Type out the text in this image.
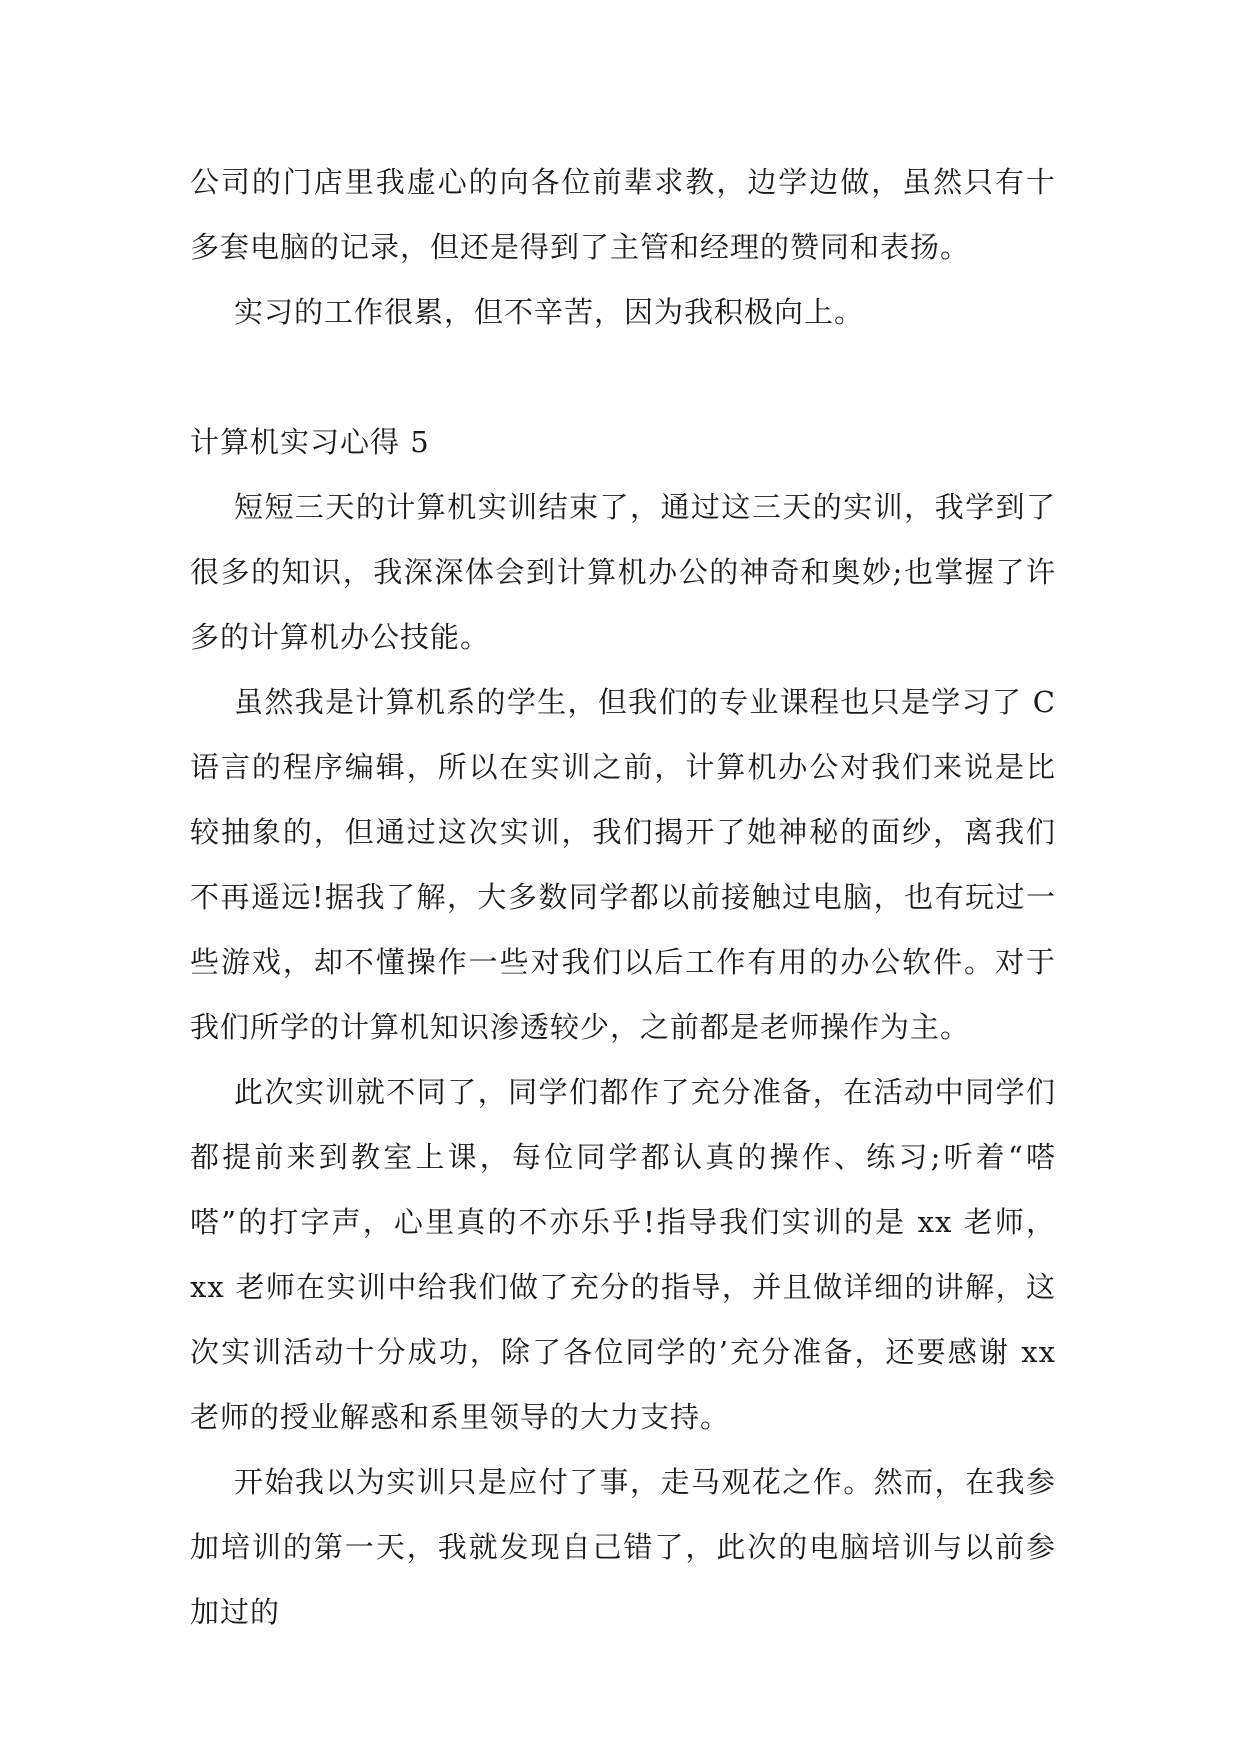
公司的门店里我虚心的向各位前辈求教，边学边做，虽然只有十多套电脑的记录，但还是得到了主管和经理的赞同和表扬。

实习的工作很累，但不辛苦，因为我积极向上。

计算机实习心得 5

短短三天的计算机实训结束了，通过这三天的实训，我学到了很多的知识，我深深体会到计算机办公的神奇和奥妙;也掌握了许多的计算机办公技能。

虽然我是计算机系的学生，但我们的专业课程也只是学习了 C 语言的程序编辑，所以在实训之前，计算机办公对我们来说是比较抽象的，但通过这次实训，我们揭开了她神秘的面纱，离我们不再遥远!据我了解，大多数同学都以前接触过电脑，也有玩过一些游戏，却不懂操作一些对我们以后工作有用的办公软件。对于我们所学的计算机知识渗透较少，之前都是老师操作为主。

此次实训就不同了，同学们都作了充分准备，在活动中同学们都提前来到教室上课，每位同学都认真的操作、练习;听着“嗒嗒”的打字声，心里真的不亦乐乎!指导我们实训的是 xx 老师，xx 老师在实训中给我们做了充分的指导，并且做详细的讲解，这次实训活动十分成功，除了各位同学的’充分准备，还要感谢 xx 老师的授业解惑和系里领导的大力支持。

开始我以为实训只是应付了事，走马观花之作。然而，在我参加培训的第一天，我就发现自己错了，此次的电脑培训与以前参加过的
